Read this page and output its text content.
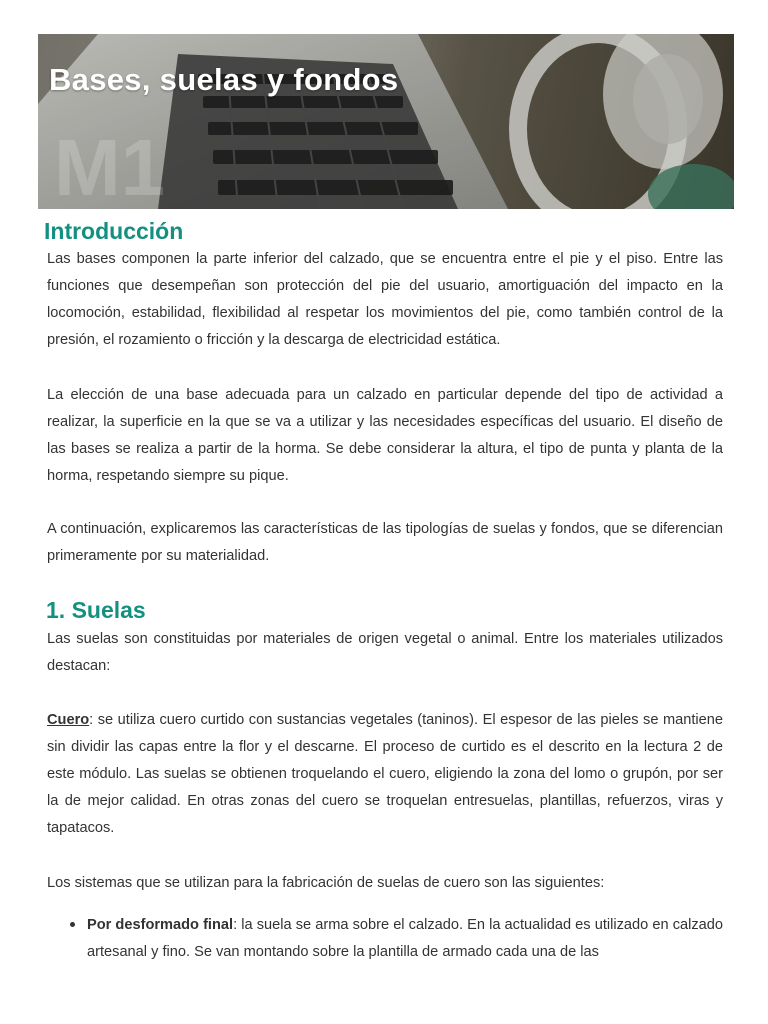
M1
Bases, suelas y fondos
Introducción

Las bases componen la parte inferior del calzado, que se encuentra entre el pie y el piso. Entre las funciones que desempeñan son protección del pie del usuario, amortiguación del impacto en la locomoción, estabilidad, flexibilidad al respetar los movimientos del pie, como también control de la presión, el rozamiento o fricción y la descarga de electricidad estática.

La elección de una base adecuada para un calzado en particular depende del tipo de actividad a realizar, la superficie en la que se va a utilizar y las necesidades específicas del usuario. El diseño de las bases se realiza a partir de la horma. Se debe considerar la altura, el tipo de punta y planta de la horma, respetando siempre su pique.

A continuación, explicaremos las características de las tipologías de suelas y fondos, que se diferencian primeramente por su materialidad.

1. Suelas

Las suelas son constituidas por materiales de origen vegetal o animal. Entre los materiales utilizados destacan:

Cuero: se utiliza cuero curtido con sustancias vegetales (taninos). El espesor de las pieles se mantiene sin dividir las capas entre la flor y el descarne. El proceso de curtido es el descrito en la lectura 2 de este módulo. Las suelas se obtienen troquelando el cuero, eligiendo la zona del lomo o grupón, por ser la de mejor calidad. En otras zonas del cuero se troquelan entresuelas, plantillas, refuerzos, viras y tapatacos.

Los sistemas que se utilizan para la fabricación de suelas de cuero son las siguientes:

Por desformado final: la suela se arma sobre el calzado. En la actualidad es utilizado en calzado artesanal y fino. Se van montando sobre la plantilla de armado cada una de las
